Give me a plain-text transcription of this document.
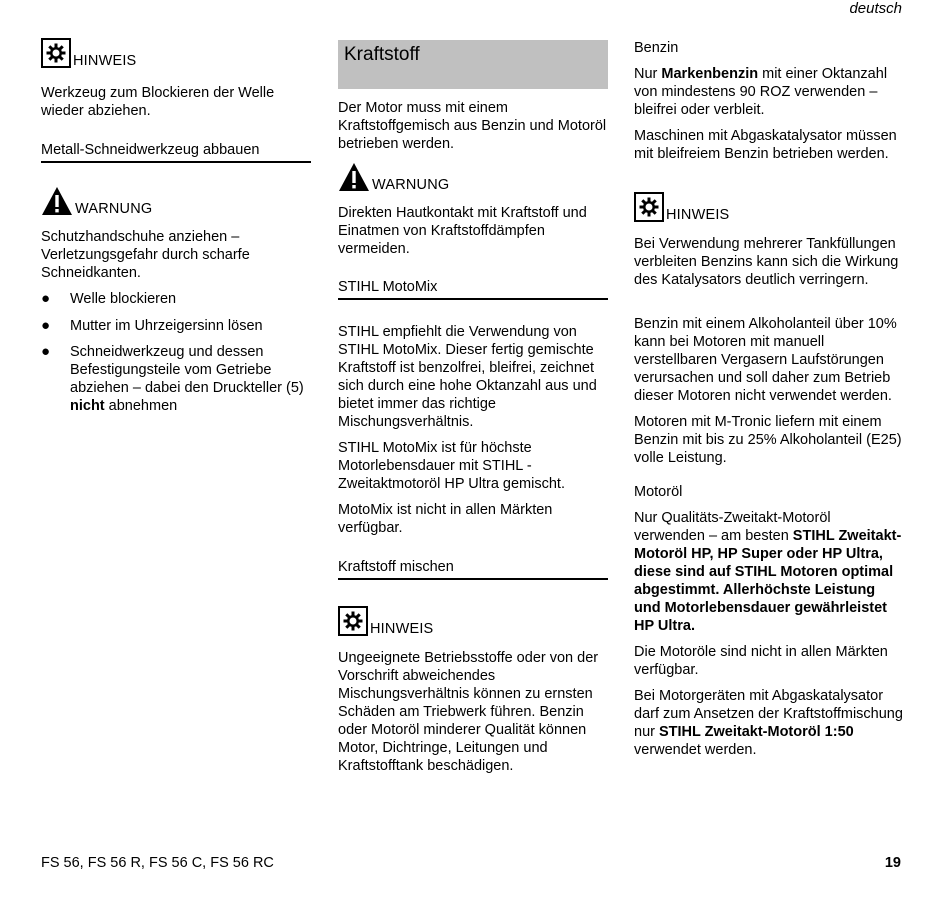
deutsch
HINWEIS

Werkzeug zum Blockieren der Welle wieder abziehen.

Metall-Schneidwerkzeug abbauen
WARNUNG

Schutzhandschuhe anziehen – Verletzungsgefahr durch scharfe Schneidkanten.

●	Welle blockieren
●	Mutter im Uhrzeigersinn lösen
●	Schneidwerkzeug und dessen Befestigungsteile vom Getriebe abziehen – dabei den Druckteller (5) nicht abnehmen
Kraftstoff

Der Motor muss mit einem Kraftstoffgemisch aus Benzin und Motoröl betrieben werden.

WARNUNG

Direkten Hautkontakt mit Kraftstoff und Einatmen von Kraftstoffdämpfen vermeiden.

STIHL MotoMix

STIHL empfiehlt die Verwendung von STIHL MotoMix. Dieser fertig gemischte Kraftstoff ist benzolfrei, bleifrei, zeichnet sich durch eine hohe Oktanzahl aus und bietet immer das richtige Mischungsverhältnis.

STIHL MotoMix ist für höchste Motorlebensdauer mit STIHL -Zweitaktmotoröl HP Ultra gemischt.

MotoMix ist nicht in allen Märkten verfügbar.

Kraftstoff mischen
HINWEIS

Ungeeignete Betriebsstoffe oder von der Vorschrift abweichendes Mischungsverhältnis können zu ernsten Schäden am Triebwerk führen. Benzin oder Motoröl minderer Qualität können Motor, Dichtringe, Leitungen und Kraftstofftank beschädigen.

Benzin

Nur Markenbenzin mit einer Oktanzahl von mindestens 90 ROZ verwenden – bleifrei oder verbleit.

Maschinen mit Abgaskatalysator müssen mit bleifreiem Benzin betrieben werden.

HINWEIS

Bei Verwendung mehrerer Tankfüllungen verbleiten Benzins kann sich die Wirkung des Katalysators deutlich verringern.

Benzin mit einem Alkoholanteil über 10% kann bei Motoren mit manuell verstellbaren Vergasern Laufstörungen verursachen und soll daher zum Betrieb dieser Motoren nicht verwendet werden.

Motoren mit M-Tronic liefern mit einem Benzin mit bis zu 25% Alkoholanteil (E25) volle Leistung.

Motoröl

Nur Qualitäts-Zweitakt-Motoröl verwenden – am besten STIHL Zweitakt-Motoröl HP, HP Super oder HP Ultra, diese sind auf STIHL Motoren optimal abgestimmt. Allerhöchste Leistung und Motorlebensdauer gewährleistet HP Ultra.

Die Motoröle sind nicht in allen Märkten verfügbar.

Bei Motorgeräten mit Abgaskatalysator darf zum Ansetzen der Kraftstoffmischung nur STIHL Zweitakt-Motoröl 1:50 verwendet werden.

FS 56, FS 56 R, FS 56 C, FS 56 RC	19
